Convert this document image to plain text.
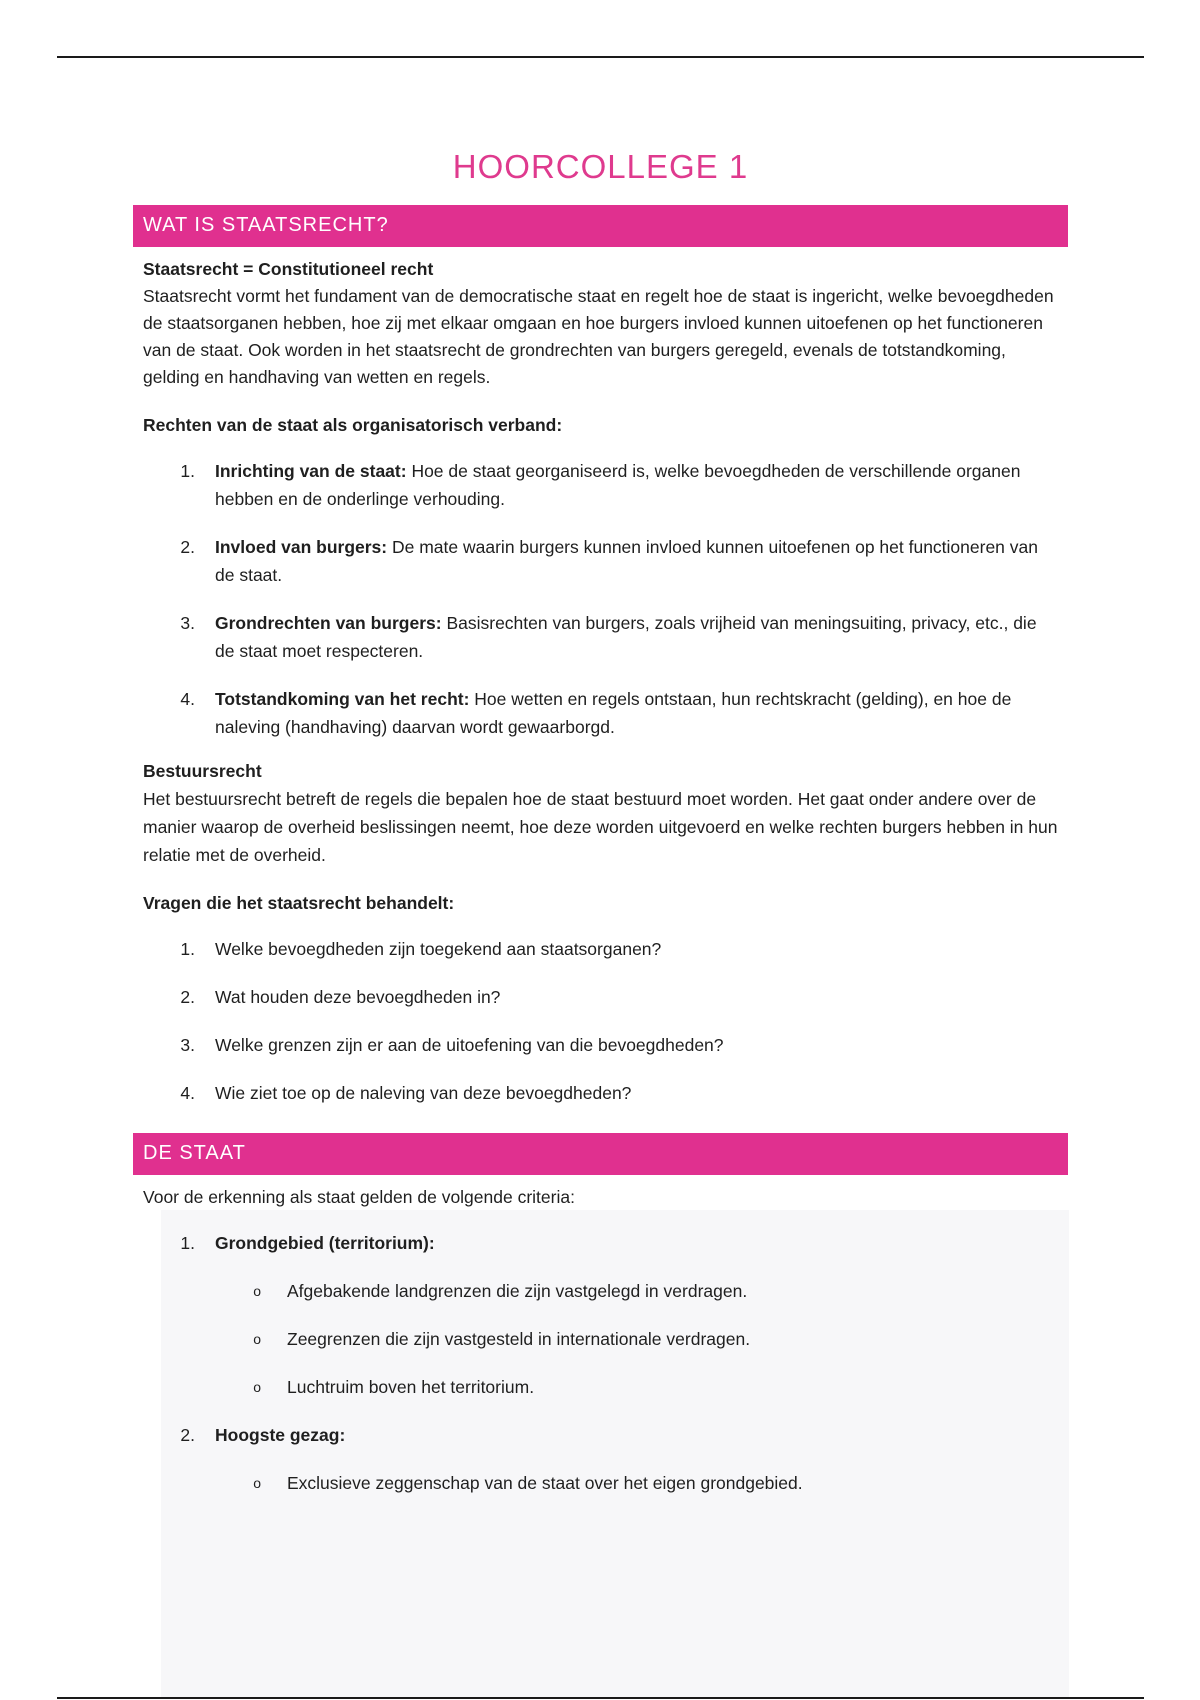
HOORCOLLEGE 1
WAT IS STAATSRECHT?

Staatsrecht = Constitutioneel recht

Staatsrecht vormt het fundament van de democratische staat en regelt hoe de staat is ingericht, welke bevoegdheden de staatsorganen hebben, hoe zij met elkaar omgaan en hoe burgers invloed kunnen uitoefenen op het functioneren van de staat. Ook worden in het staatsrecht de grondrechten van burgers geregeld, evenals de totstandkoming, gelding en handhaving van wetten en regels.

Rechten van de staat als organisatorisch verband:

1.	Inrichting van de staat: Hoe de staat georganiseerd is, welke bevoegdheden de verschillende organen hebben en de onderlinge verhouding.
2.	Invloed van burgers: De mate waarin burgers kunnen invloed kunnen uitoefenen op het functioneren van de staat.
3.	Grondrechten van burgers: Basisrechten van burgers, zoals vrijheid van meningsuiting, privacy, etc., die de staat moet respecteren.
4.	Totstandkoming van het recht: Hoe wetten en regels ontstaan, hun rechtskracht (gelding), en hoe de naleving (handhaving) daarvan wordt gewaarborgd.

Bestuursrecht

Het bestuursrecht betreft de regels die bepalen hoe de staat bestuurd moet worden. Het gaat onder andere over de manier waarop de overheid beslissingen neemt, hoe deze worden uitgevoerd en welke rechten burgers hebben in hun relatie met de overheid.

Vragen die het staatsrecht behandelt:

1.	Welke bevoegdheden zijn toegekend aan staatsorganen?
2.	Wat houden deze bevoegdheden in?
3.	Welke grenzen zijn er aan de uitoefening van die bevoegdheden?
4.	Wie ziet toe op de naleving van deze bevoegdheden?
DE STAAT

Voor de erkenning als staat gelden de volgende criteria:

1.	Grondgebied (territorium):
o	Afgebakende landgrenzen die zijn vastgelegd in verdragen.
o	Zeegrenzen die zijn vastgesteld in internationale verdragen.
o	Luchtruim boven het territorium.
2.	Hoogste gezag:
o	Exclusieve zeggenschap van de staat over het eigen grondgebied.
